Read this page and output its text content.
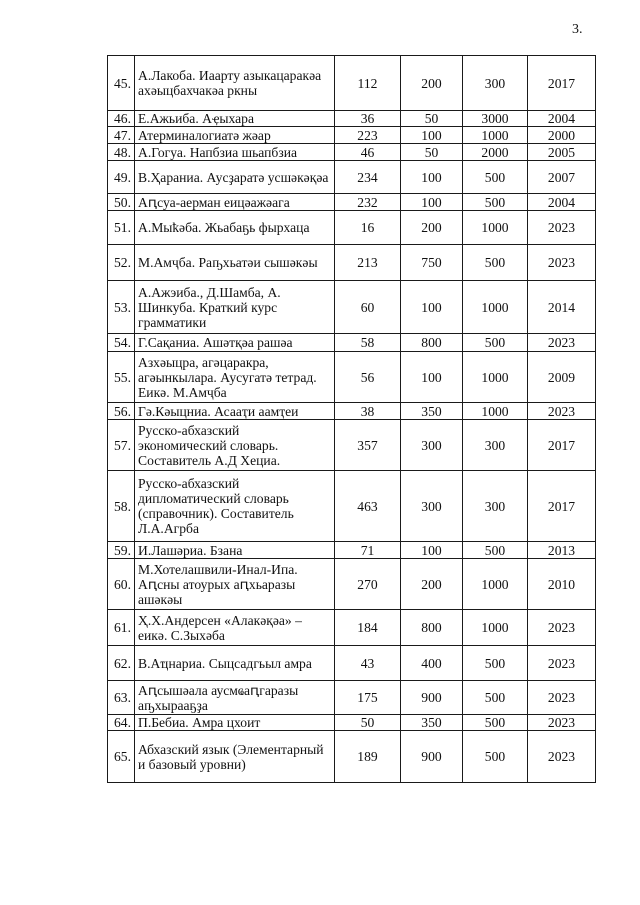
3.
45.	А.Лакоба. Иаарту азыкацаракәа ахәыцбахчакәа ркны	112	200	300	2017
46.	Е.Ажьиба. Аҿыхара	36	50	3000	2004
47.	Атерминалогиатә жәар	223	100	1000	2000
48.	А.Гогуа. Напбзиа шьапбзиа	46	50	2000	2005
49.	В.Ҳараниа. Аусҙаратә усшәкәқәа	234	100	500	2007
50.	Аԥсуа-аерман еицәажәага	232	100	500	2004
51.	А.Мыҟәба. Жьабаҕь фырхаца	16	200	1000	2023
52.	М.Амҷба. Раҧхьатәи сышәкәы	213	750	500	2023
53.	А.Ажэиба., Д.Шамба, А. Шинкуба. Краткий курс грамматики	60	100	1000	2014
54.	Г.Сақаниа. Ашәтқәа рашәа	58	800	500	2023
55.	Азхәыцра, агәцаракра, агәынкылара. Аусугатә тетрад. Еикә. М.Амҷба	56	100	1000	2009
56.	Гә.Кәыцниа. Асааҭи аамҭеи	38	350	1000	2023
57.	Русско-абхазский экономический словарь. Составитель А.Д Хециа.	357	300	300	2017
58.	Русско-абхазский дипломатический словарь (справочник). Составитель Л.А.Агрба	463	300	300	2017
59.	И.Лашәриа. Бзана	71	100	500	2013
60.	М.Хотелашвили-Инал-Ипа. Аԥсны атоурых аԥхьаразы ашәкәы	270	200	1000	2010
61.	Ҳ.Х.Андерсен «Алакәқәа» – еикә. С.Зыхәба	184	800	1000	2023
62.	В.Аҵнариа. Сыцсадгьыл амра	43	400	500	2023
63.	Аԥсышәала аусмҩаԥгаразы аҧхырааҕҙа	175	900	500	2023
64.	П.Бебиа. Амра цхоит	50	350	500	2023
65.	Абхазский язык (Элементарный и базовый уровни)	189	900	500	2023
